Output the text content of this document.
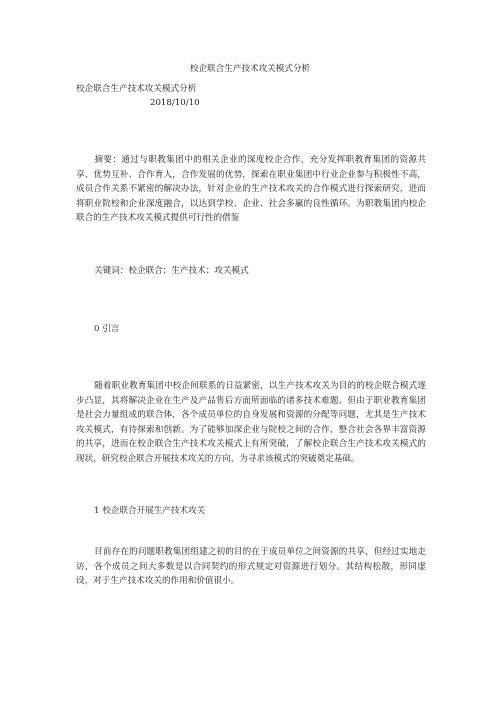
校企联合生产技术攻关模式分析
校企联合生产技术攻关模式分析
2018/10/10
摘要：通过与职教集团中的相关企业的深度校企合作，充分发挥职教育集团的资源共享、优势互补、合作育人，合作发展的优势，探索在职业集团中行业企业参与积极性不高，成员合作关系不紧密的解决办法，针对企业的生产技术攻关的合作模式进行探索研究，进而将职业院校和企业深度融合，以达到学校、企业、社会多赢的良性循环。为职教集团内校企联合的生产技术攻关模式提供可行性的借鉴
关键词：校企联合；生产技术；攻关模式
0 引言
随着职业教育集团中校企间联系的日益紧密，以生产技术攻关为目的的校企联合模式逐步凸显，其将解决企业在生产及产品售后方面所面临的诸多技术难题。但由于职业教育集团是社会力量组成的联合体，各个成员单位的自身发展和资源的分配等问题，尤其是生产技术攻关模式，有待探索和创新。为了能够加深企业与院校之间的合作，整合社会各界丰富资源的共享，进而在校企联合生产技术攻关模式上有所突破，了解校企联合生产技术攻关模式的现状，研究校企联合开展技术攻关的方向，为寻求该模式的突破奠定基础。
1 校企联合开展生产技术攻关
目前存在的问题职教集团组建之初的目的在于成员单位之间资源的共享，但经过实地走访，各个成员之间大多数是以合同契约的形式规定对资源进行划分。其结构松散，形同虚设，对于生产技术攻关的作用和价值很小。
